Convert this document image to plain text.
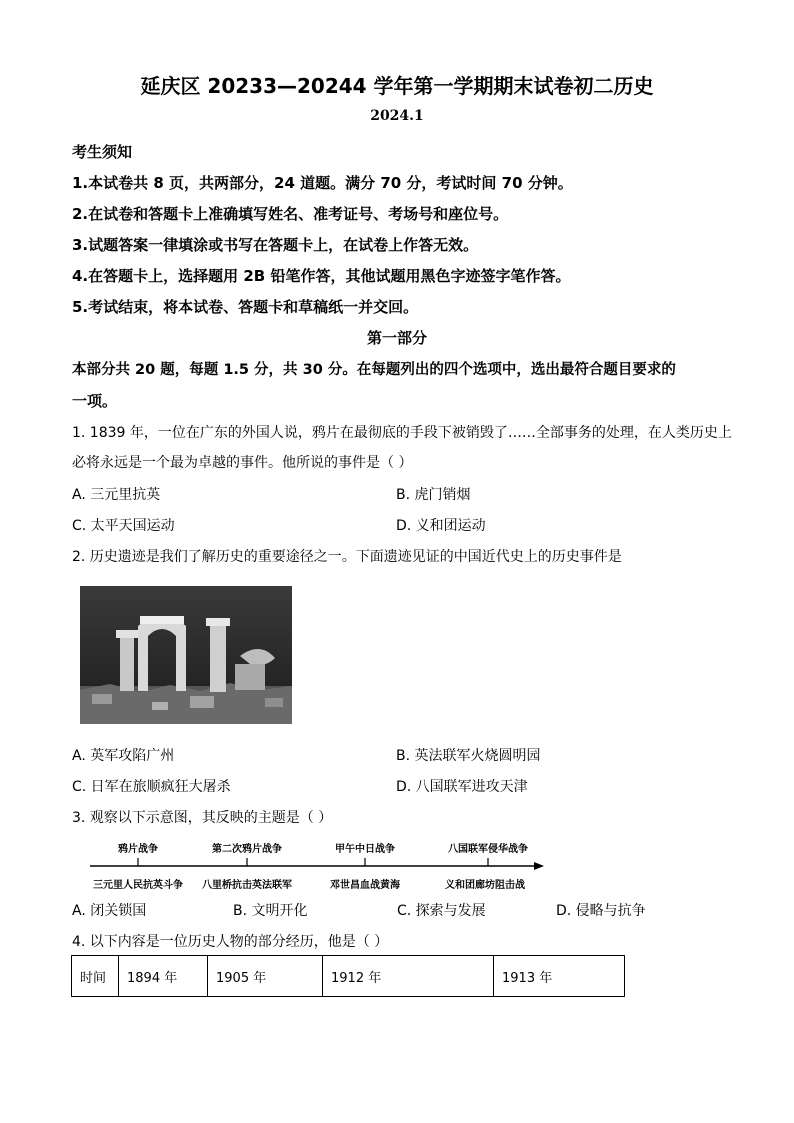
延庆区 20233—20244 学年第一学期期末试卷初二历史
2024.1
考生须知
1.本试卷共 8 页，共两部分，24 道题。满分 70 分，考试时间 70 分钟。
2.在试卷和答题卡上准确填写姓名、准考证号、考场号和座位号。
3.试题答案一律填涂或书写在答题卡上，在试卷上作答无效。
4.在答题卡上，选择题用 2B 铅笔作答，其他试题用黑色字迹签字笔作答。
5.考试结束，将本试卷、答题卡和草稿纸一并交回。
第一部分
本部分共 20 题，每题 1.5 分，共 30 分。在每题列出的四个选项中，选出最符合题目要求的
一项。
1. 1839 年，一位在广东的外国人说，鸦片在最彻底的手段下被销毁了……全部事务的处理，在人类历史上
必将永远是一个最为卓越的事件。他所说的事件是（ ）
A. 三元里抗英	B. 虎门销烟
C. 太平天国运动	D. 义和团运动
2. 历史遗迹是我们了解历史的重要途径之一。下面遗迹见证的中国近代史上的历史事件是
A. 英军攻陷广州	B. 英法联军火烧圆明园
C. 日军在旅顺疯狂大屠杀	D. 八国联军进攻天津
3. 观察以下示意图，其反映的主题是（ ）
鸦片战争	第二次鸦片战争	甲午中日战争	八国联军侵华战争
三元里人民抗英斗争	八里桥抗击英法联军	邓世昌血战黄海	义和团廊坊阻击战
A. 闭关锁国	B. 文明开化	C. 探索与发展	D. 侵略与抗争
4. 以下内容是一位历史人物的部分经历，他是（ ）
时间	1894 年	1905 年	1912 年	1913 年
